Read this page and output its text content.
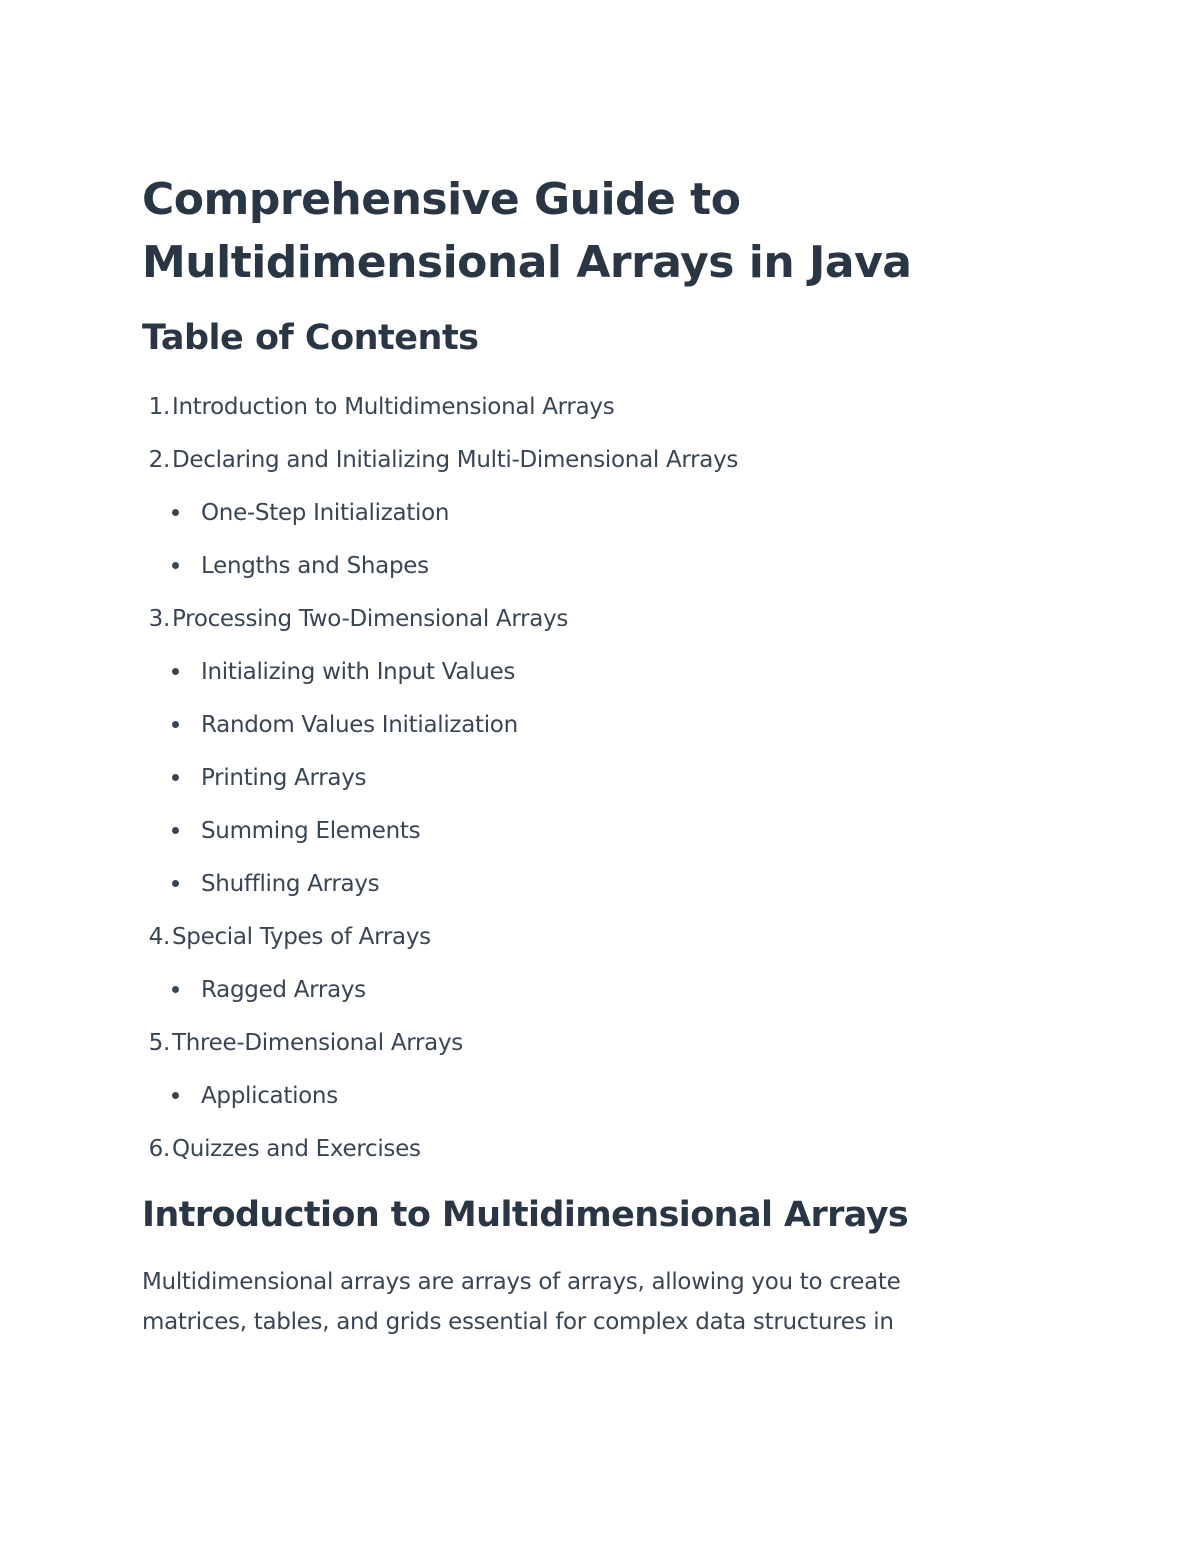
Comprehensive Guide to
Multidimensional Arrays in Java
Table of Contents
1. Introduction to Multidimensional Arrays
2. Declaring and Initializing Multi-Dimensional Arrays
One-Step Initialization
Lengths and Shapes
3. Processing Two-Dimensional Arrays
Initializing with Input Values
Random Values Initialization
Printing Arrays
Summing Elements
Shuffling Arrays
4. Special Types of Arrays
Ragged Arrays
5. Three-Dimensional Arrays
Applications
6. Quizzes and Exercises
Introduction to Multidimensional Arrays

Multidimensional arrays are arrays of arrays, allowing you to create
matrices, tables, and grids essential for complex data structures in
